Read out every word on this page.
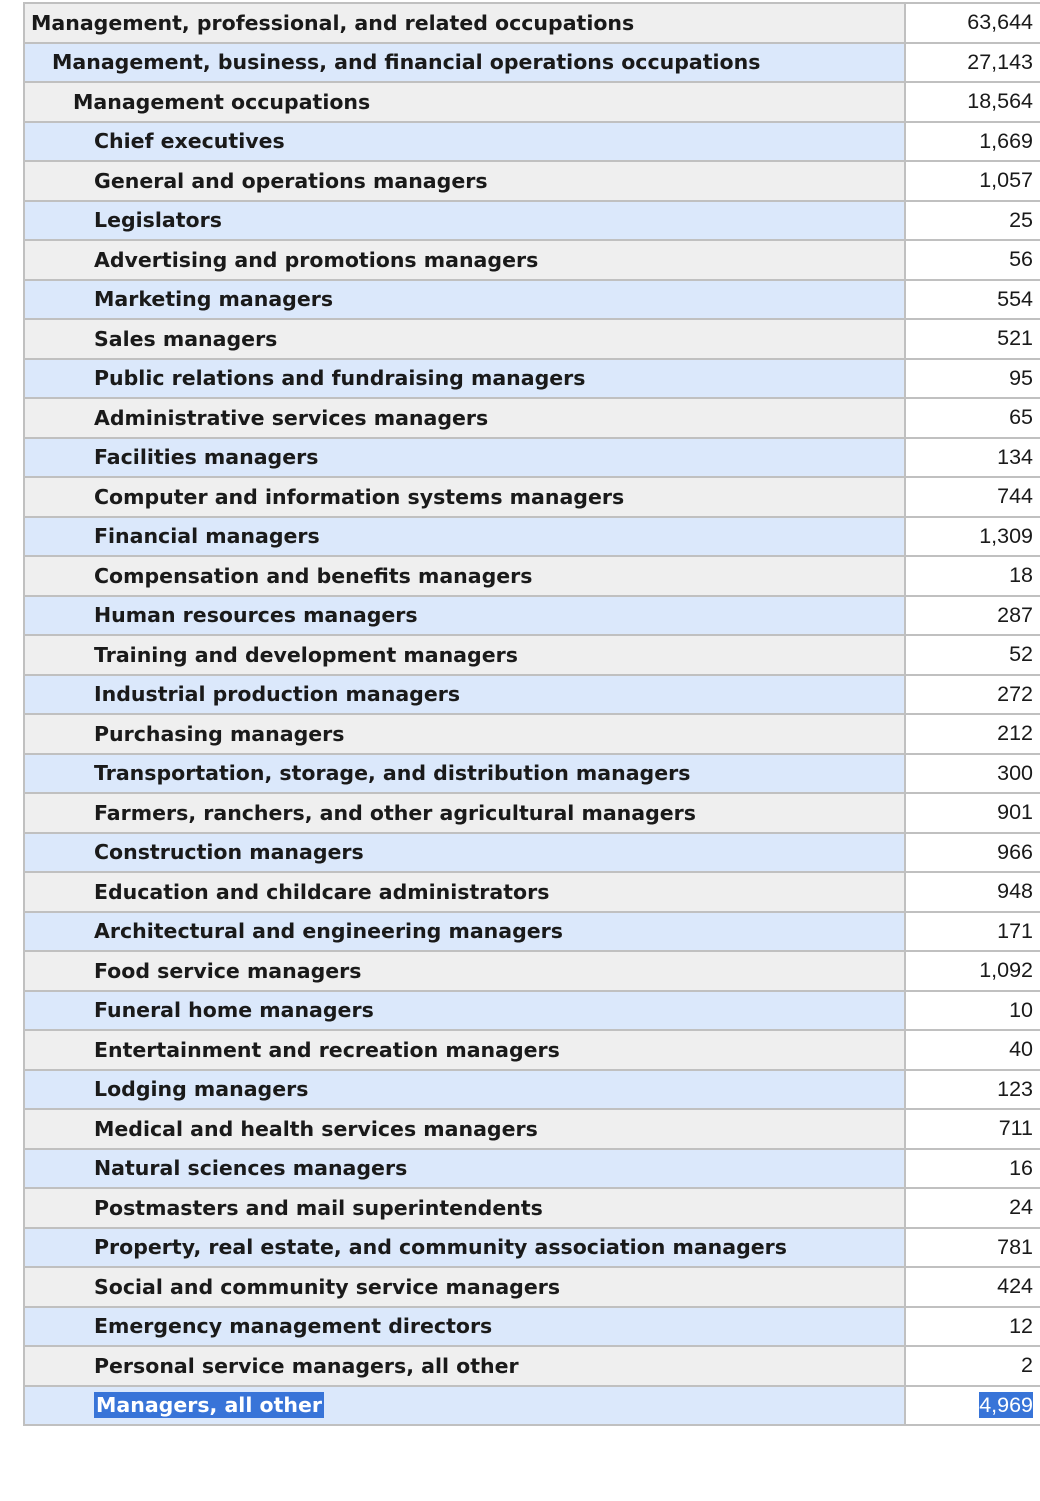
Management, professional, and related occupations	63,644
Management, business, and financial operations occupations	27,143
Management occupations	18,564
Chief executives	1,669
General and operations managers	1,057
Legislators	25
Advertising and promotions managers	56
Marketing managers	554
Sales managers	521
Public relations and fundraising managers	95
Administrative services managers	65
Facilities managers	134
Computer and information systems managers	744
Financial managers	1,309
Compensation and benefits managers	18
Human resources managers	287
Training and development managers	52
Industrial production managers	272
Purchasing managers	212
Transportation, storage, and distribution managers	300
Farmers, ranchers, and other agricultural managers	901
Construction managers	966
Education and childcare administrators	948
Architectural and engineering managers	171
Food service managers	1,092
Funeral home managers	10
Entertainment and recreation managers	40
Lodging managers	123
Medical and health services managers	711
Natural sciences managers	16
Postmasters and mail superintendents	24
Property, real estate, and community association managers	781
Social and community service managers	424
Emergency management directors	12
Personal service managers, all other	2
Managers, all other	4,969
